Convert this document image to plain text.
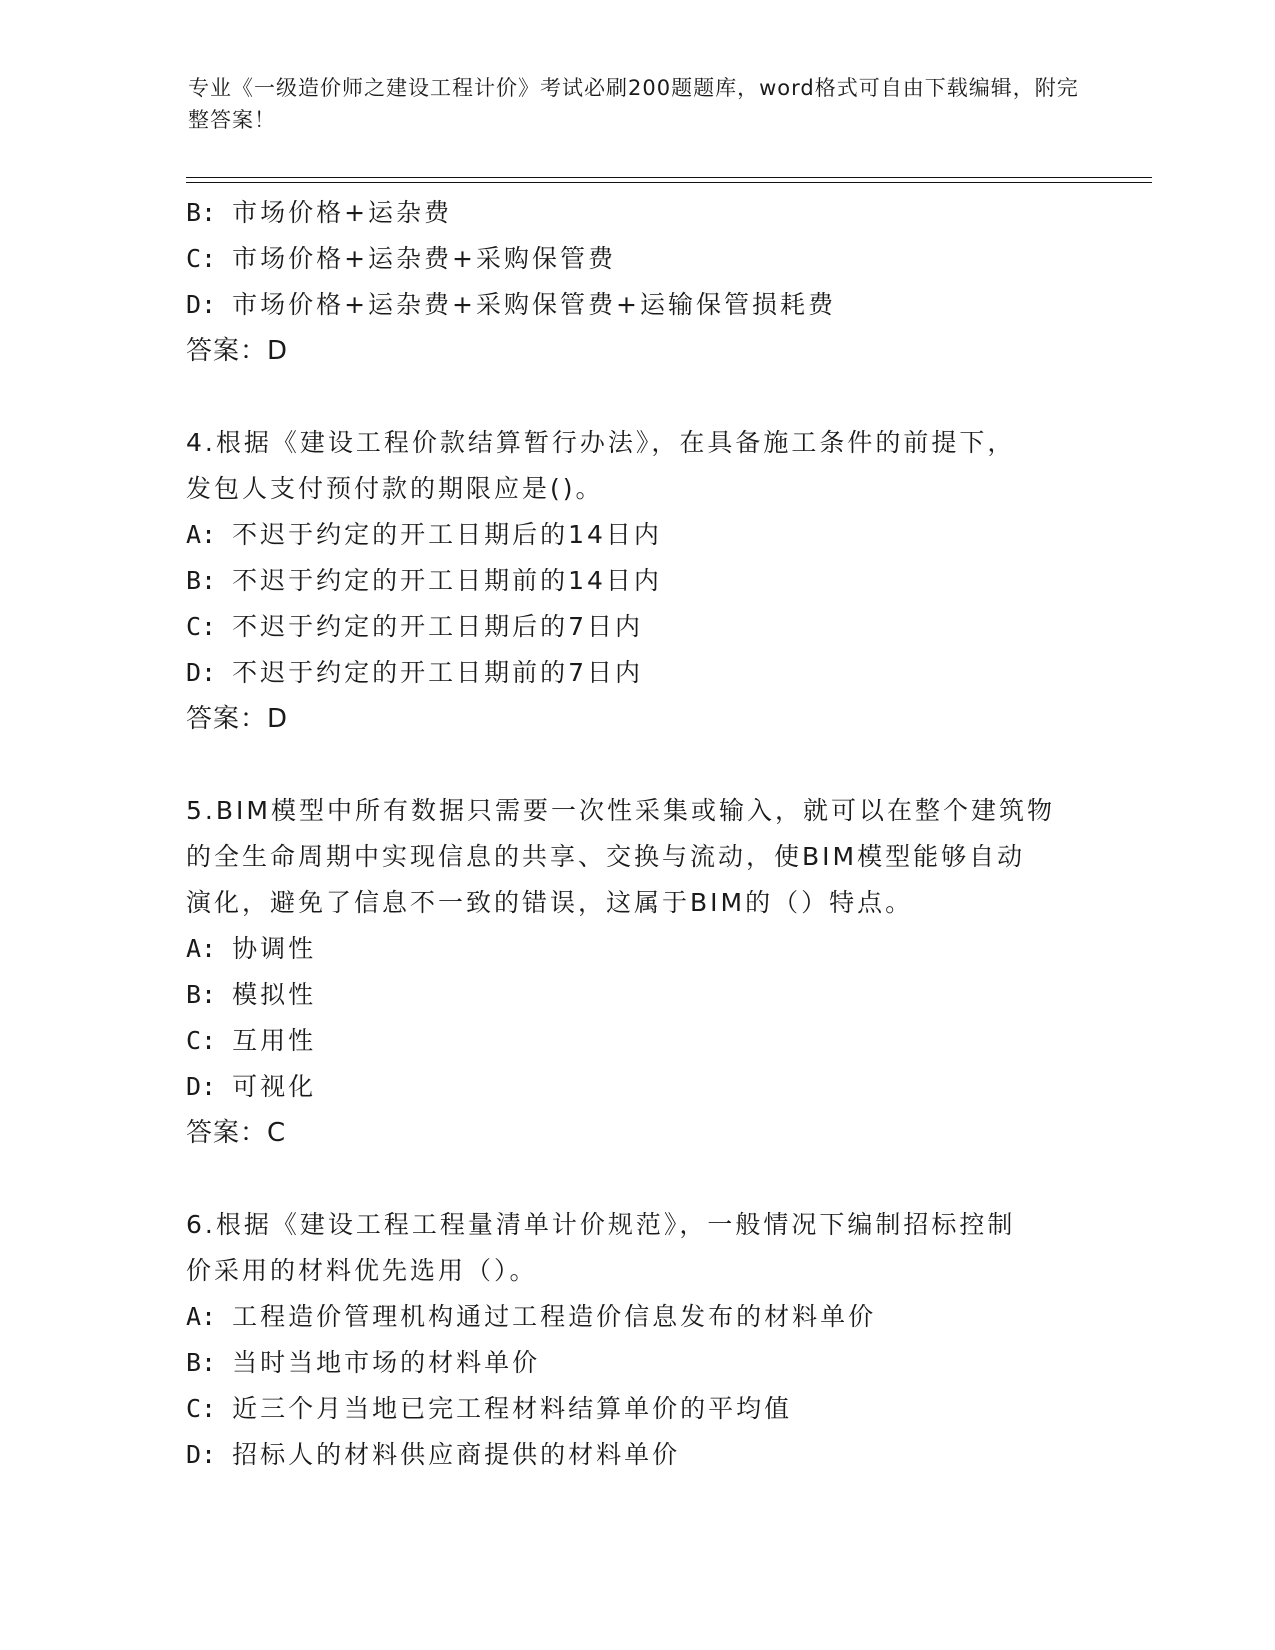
专业《一级造价师之建设工程计价》考试必刷200题题库，word格式可自由下载编辑，附完整答案！
B: 市场价格+运杂费
C: 市场价格+运杂费+采购保管费
D: 市场价格+运杂费+采购保管费+运输保管损耗费
答案：D
4.根据《建设工程价款结算暂行办法》，在具备施工条件的前提下，
发包人支付预付款的期限应是()。
A: 不迟于约定的开工日期后的14日内
B: 不迟于约定的开工日期前的14日内
C: 不迟于约定的开工日期后的7日内
D: 不迟于约定的开工日期前的7日内
答案：D
5.BIM模型中所有数据只需要一次性采集或输入，就可以在整个建筑物
的全生命周期中实现信息的共享、交换与流动，使BIM模型能够自动
演化，避免了信息不一致的错误，这属于BIM的（）特点。
A: 协调性
B: 模拟性
C: 互用性
D: 可视化
答案：C
6.根据《建设工程工程量清单计价规范》，一般情况下编制招标控制
价采用的材料优先选用（）。
A: 工程造价管理机构通过工程造价信息发布的材料单价
B: 当时当地市场的材料单价
C: 近三个月当地已完工程材料结算单价的平均值
D: 招标人的材料供应商提供的材料单价
